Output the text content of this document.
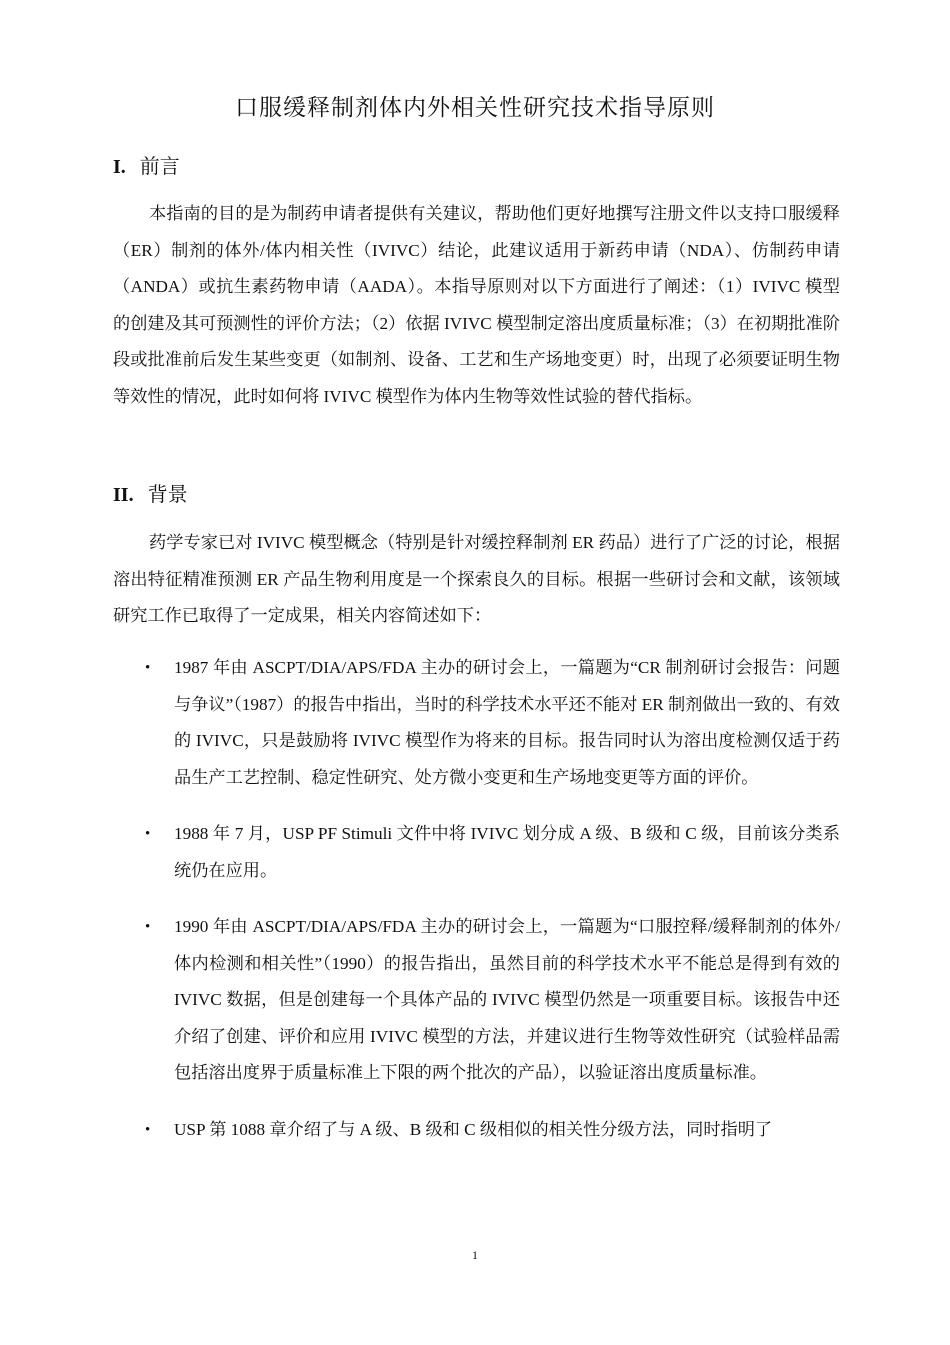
口服缓释制剂体内外相关性研究技术指导原则
I. 前言

本指南的目的是为制药申请者提供有关建议，帮助他们更好地撰写注册文件以支持口服缓释（ER）制剂的体外/体内相关性（IVIVC）结论，此建议适用于新药申请（NDA）、仿制药申请（ANDA）或抗生素药物申请（AADA）。本指导原则对以下方面进行了阐述：（1）IVIVC 模型的创建及其可预测性的评价方法；（2）依据 IVIVC 模型制定溶出度质量标准；（3）在初期批准阶段或批准前后发生某些变更（如制剂、设备、工艺和生产场地变更）时，出现了必须要证明生物等效性的情况，此时如何将 IVIVC 模型作为体内生物等效性试验的替代指标。

II. 背景

药学专家已对 IVIVC 模型概念（特别是针对缓控释制剂 ER 药品）进行了广泛的讨论，根据溶出特征精准预测 ER 产品生物利用度是一个探索良久的目标。根据一些研讨会和文献，该领域研究工作已取得了一定成果，相关内容简述如下：

• 1987 年由 ASCPT/DIA/APS/FDA 主办的研讨会上，一篇题为“CR 制剂研讨会报告：问题与争议”（1987）的报告中指出，当时的科学技术水平还不能对 ER 制剂做出一致的、有效的 IVIVC，只是鼓励将 IVIVC 模型作为将来的目标。报告同时认为溶出度检测仅适于药品生产工艺控制、稳定性研究、处方微小变更和生产场地变更等方面的评价。
• 1988 年 7 月，USP PF Stimuli 文件中将 IVIVC 划分成 A 级、B 级和 C 级，目前该分类系统仍在应用。
• 1990 年由 ASCPT/DIA/APS/FDA 主办的研讨会上，一篇题为“口服控释/缓释制剂的体外/体内检测和相关性”（1990）的报告指出，虽然目前的科学技术水平不能总是得到有效的 IVIVC 数据，但是创建每一个具体产品的 IVIVC 模型仍然是一项重要目标。该报告中还介绍了创建、评价和应用 IVIVC 模型的方法，并建议进行生物等效性研究（试验样品需包括溶出度界于质量标准上下限的两个批次的产品），以验证溶出度质量标准。
• USP 第 1088 章介绍了与 A 级、B 级和 C 级相似的相关性分级方法，同时指明了
1
